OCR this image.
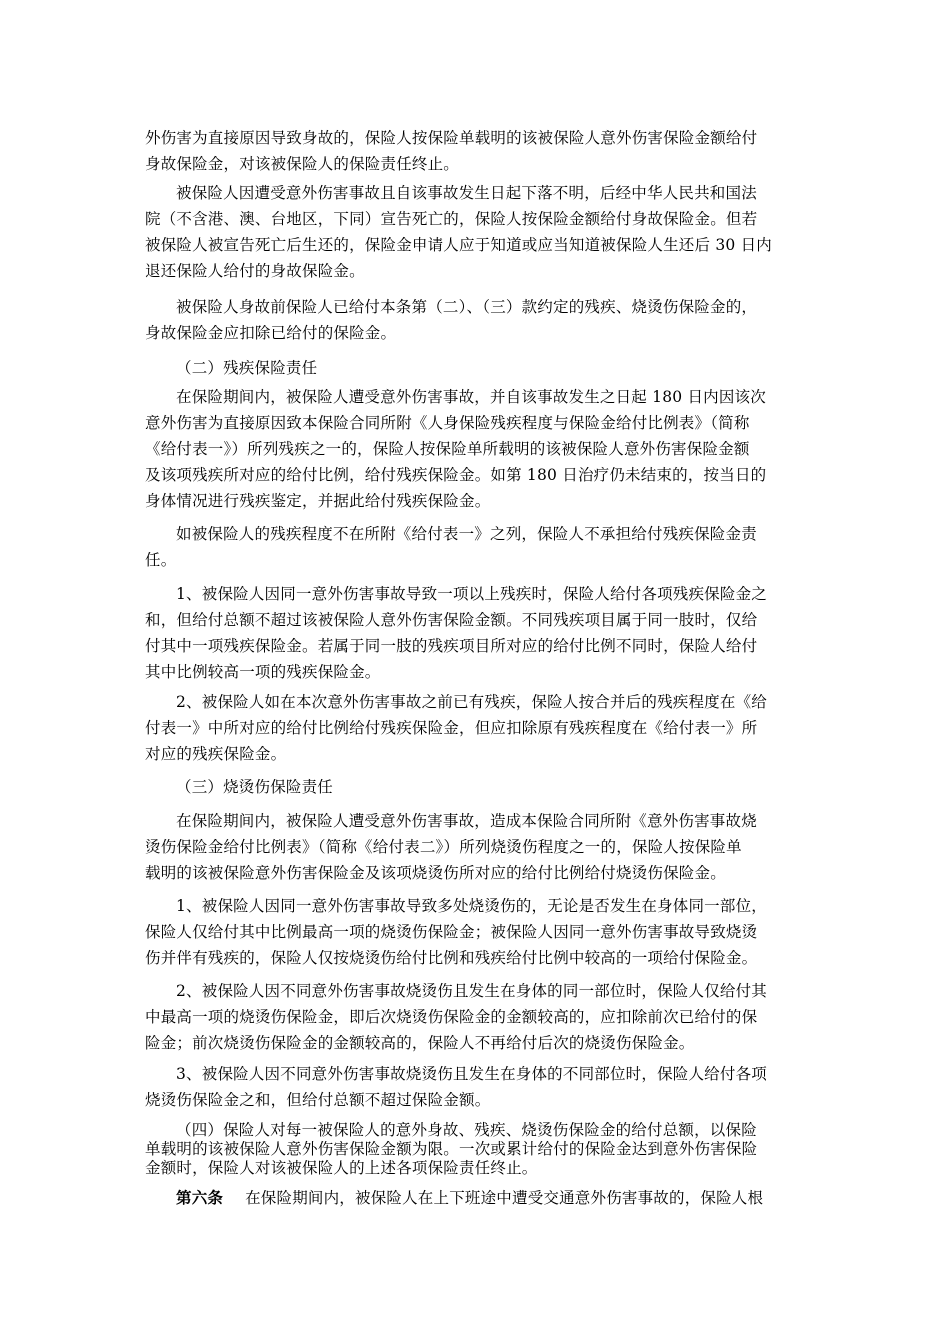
外伤害为直接原因导致身故的，保险人按保险单载明的该被保险人意外伤害保险金额给付
身故保险金，对该被保险人的保险责任终止。
被保险人因遭受意外伤害事故且自该事故发生日起下落不明，后经中华人民共和国法
院（不含港、澳、台地区，下同）宣告死亡的，保险人按保险金额给付身故保险金。但若
被保险人被宣告死亡后生还的，保险金申请人应于知道或应当知道被保险人生还后 30 日内
退还保险人给付的身故保险金。
被保险人身故前保险人已给付本条第（二）、（三）款约定的残疾、烧烫伤保险金的，
身故保险金应扣除已给付的保险金。
（二）残疾保险责任
在保险期间内，被保险人遭受意外伤害事故，并自该事故发生之日起 180 日内因该次
意外伤害为直接原因致本保险合同所附《人身保险残疾程度与保险金给付比例表》（简称
《给付表一》）所列残疾之一的，保险人按保险单所载明的该被保险人意外伤害保险金额
及该项残疾所对应的给付比例，给付残疾保险金。如第 180 日治疗仍未结束的，按当日的
身体情况进行残疾鉴定，并据此给付残疾保险金。
如被保险人的残疾程度不在所附《给付表一》之列，保险人不承担给付残疾保险金责
任。
1、被保险人因同一意外伤害事故导致一项以上残疾时，保险人给付各项残疾保险金之
和，但给付总额不超过该被保险人意外伤害保险金额。不同残疾项目属于同一肢时，仅给
付其中一项残疾保险金。若属于同一肢的残疾项目所对应的给付比例不同时，保险人给付
其中比例较高一项的残疾保险金。
2、被保险人如在本次意外伤害事故之前已有残疾，保险人按合并后的残疾程度在《给
付表一》中所对应的给付比例给付残疾保险金，但应扣除原有残疾程度在《给付表一》所
对应的残疾保险金。
（三）烧烫伤保险责任
在保险期间内，被保险人遭受意外伤害事故，造成本保险合同所附《意外伤害事故烧
烫伤保险金给付比例表》（简称《给付表二》）所列烧烫伤程度之一的，保险人按保险单
载明的该被保险意外伤害保险金及该项烧烫伤所对应的给付比例给付烧烫伤保险金。
1、被保险人因同一意外伤害事故导致多处烧烫伤的，无论是否发生在身体同一部位，
保险人仅给付其中比例最高一项的烧烫伤保险金；被保险人因同一意外伤害事故导致烧烫
伤并伴有残疾的，保险人仅按烧烫伤给付比例和残疾给付比例中较高的一项给付保险金。
2、被保险人因不同意外伤害事故烧烫伤且发生在身体的同一部位时，保险人仅给付其
中最高一项的烧烫伤保险金，即后次烧烫伤保险金的金额较高的，应扣除前次已给付的保
险金；前次烧烫伤保险金的金额较高的，保险人不再给付后次的烧烫伤保险金。
3、被保险人因不同意外伤害事故烧烫伤且发生在身体的不同部位时，保险人给付各项
烧烫伤保险金之和，但给付总额不超过保险金额。
（四）保险人对每一被保险人的意外身故、残疾、烧烫伤保险金的给付总额，以保险
单载明的该被保险人意外伤害保险金额为限。一次或累计给付的保险金达到意外伤害保险
金额时，保险人对该被保险人的上述各项保险责任终止。
第六条 在保险期间内，被保险人在上下班途中遭受交通意外伤害事故的，保险人根
